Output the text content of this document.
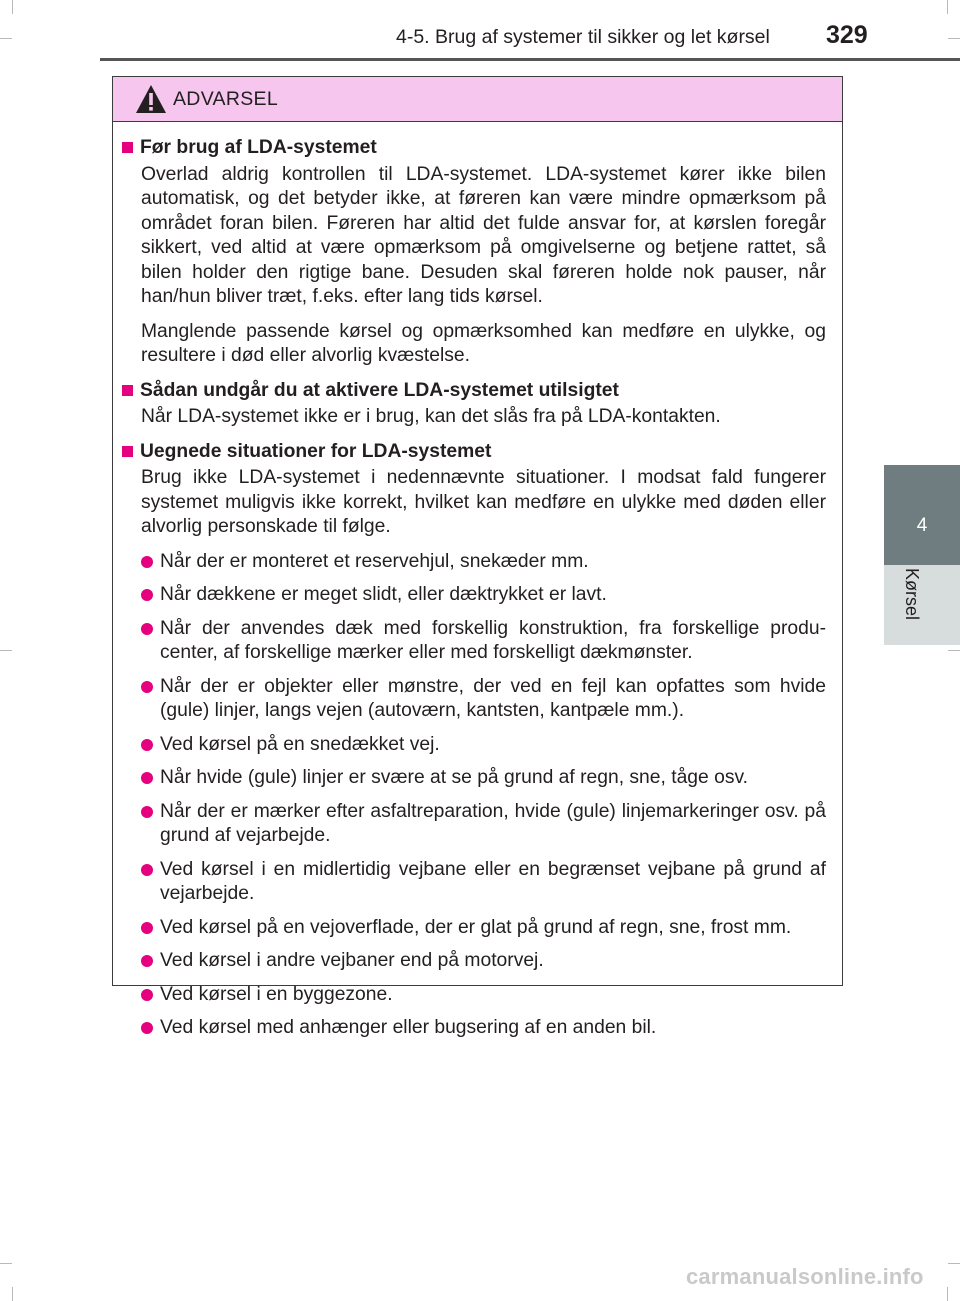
4-5. Brug af systemer til sikker og let kørsel 329
4
Kørsel
ADVARSEL
Før brug af LDA-systemet
Overlad aldrig kontrollen til LDA-systemet. LDA-systemet kører ikke bilen automatisk, og det betyder ikke, at føreren kan være mindre opmærksom på området foran bilen. Føreren har altid det fulde ansvar for, at kørslen foregår sikkert, ved altid at være opmærksom på omgivelserne og betjene rattet, så bilen holder den rigtige bane. Desuden skal føreren holde nok pauser, når han/hun bliver træt, f.eks. efter lang tids kørsel.
Manglende passende kørsel og opmærksomhed kan medføre en ulykke, og resultere i død eller alvorlig kvæstelse.
Sådan undgår du at aktivere LDA-systemet utilsigtet
Når LDA-systemet ikke er i brug, kan det slås fra på LDA-kontakten.
Uegnede situationer for LDA-systemet
Brug ikke LDA-systemet i nedennævnte situationer. I modsat fald fungerer systemet muligvis ikke korrekt, hvilket kan medføre en ulykke med døden eller alvorlig personskade til følge.
Når der er monteret et reservehjul, snekæder mm.
Når dækkene er meget slidt, eller dæktrykket er lavt.
Når der anvendes dæk med forskellig konstruktion, fra forskellige produ-center, af forskellige mærker eller med forskelligt dækmønster.
Når der er objekter eller mønstre, der ved en fejl kan opfattes som hvide (gule) linjer, langs vejen (autoværn, kantsten, kantpæle mm.).
Ved kørsel på en snedækket vej.
Når hvide (gule) linjer er svære at se på grund af regn, sne, tåge osv.
Når der er mærker efter asfaltreparation, hvide (gule) linjemarkeringer osv. på grund af vejarbejde.
Ved kørsel i en midlertidig vejbane eller en begrænset vejbane på grund af vejarbejde.
Ved kørsel på en vejoverflade, der er glat på grund af regn, sne, frost mm.
Ved kørsel i andre vejbaner end på motorvej.
Ved kørsel i en byggezone.
Ved kørsel med anhænger eller bugsering af en anden bil.
carmanualsonline.info
